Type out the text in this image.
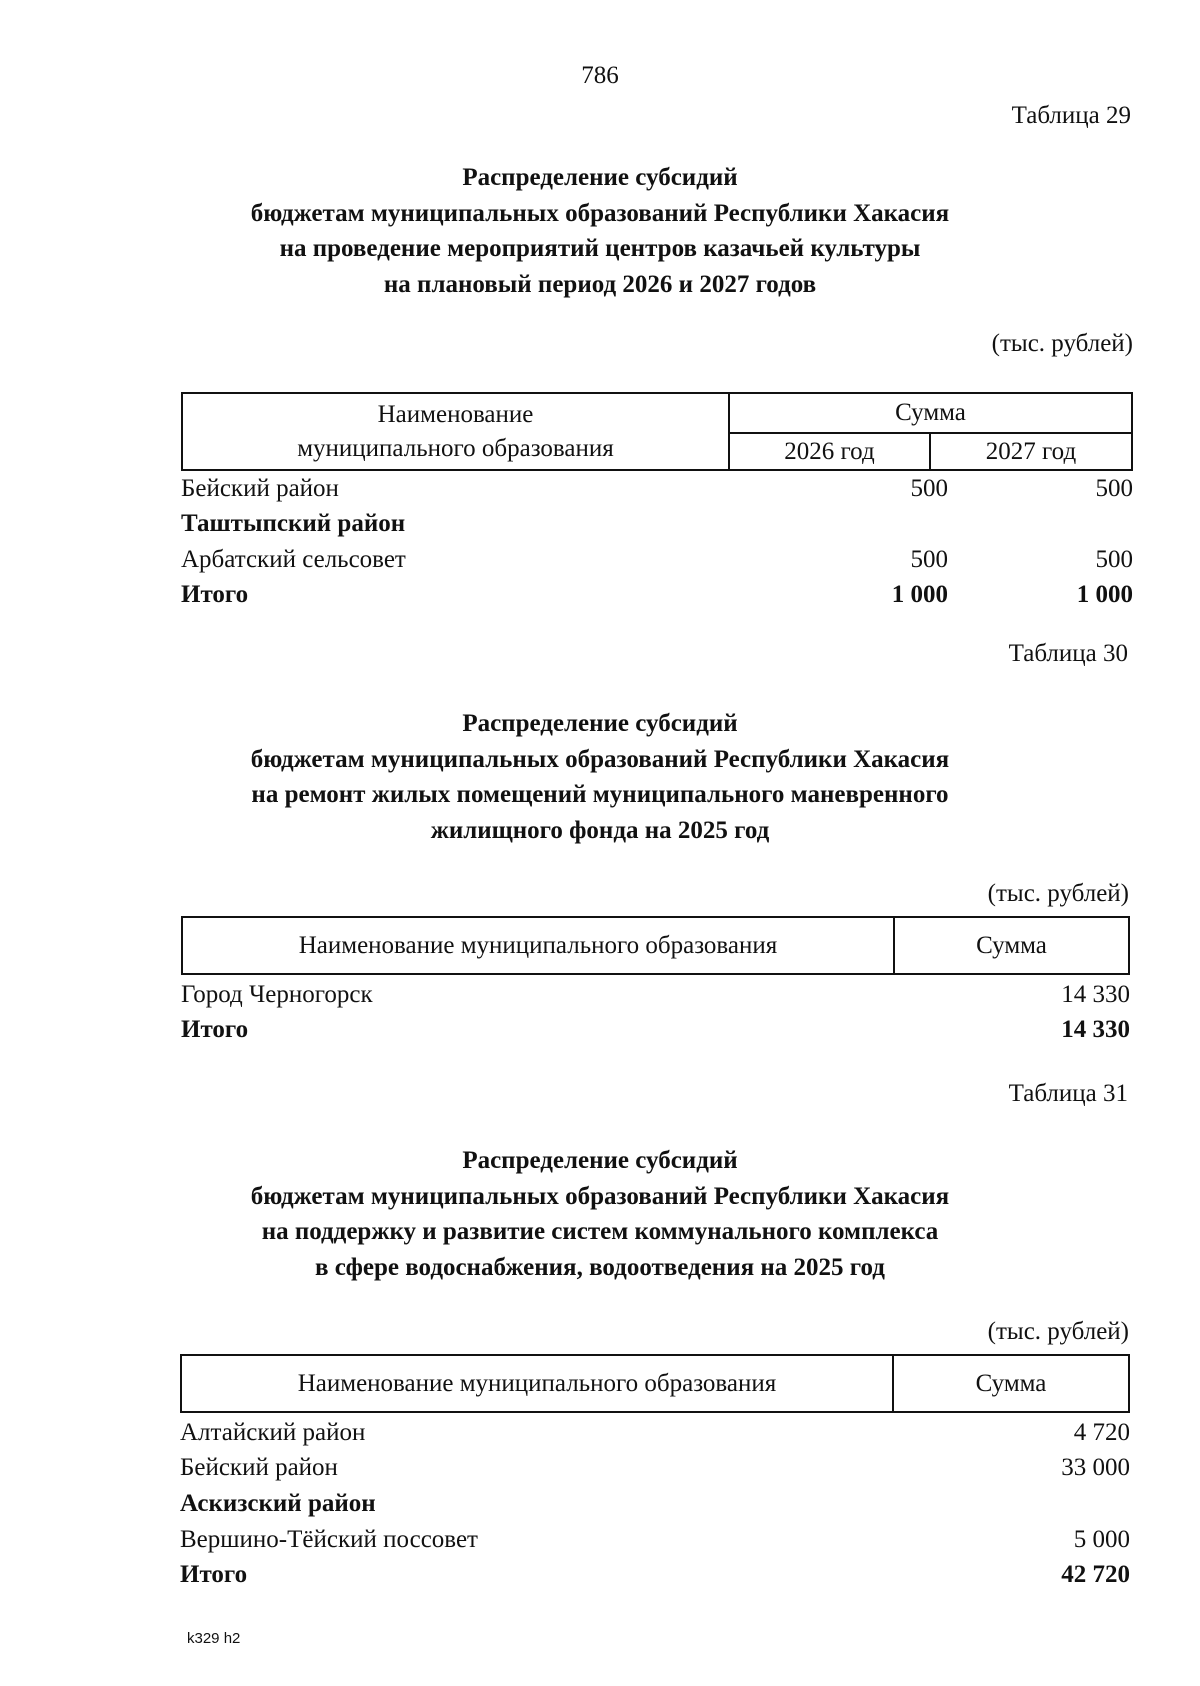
786
Таблица 29
Распределение субсидий
бюджетам муниципальных образований Республики Хакасия
на проведение мероприятий центров казачьей культуры
на плановый период 2026 и 2027 годов
(тыс. рублей)
Наименование
муниципального образования
Сумма
2026 год	2027 год
Бейский район	500	500
Таштыпский район
Арбатский сельсовет	500	500
Итого	1 000	1 000
Таблица 30
Распределение субсидий
бюджетам муниципальных образований Республики Хакасия
на ремонт жилых помещений муниципального маневренного
жилищного фонда на 2025 год
(тыс. рублей)
Наименование муниципального образования	Сумма
Город Черногорск	14 330
Итого	14 330
Таблица 31
Распределение субсидий
бюджетам муниципальных образований Республики Хакасия
на поддержку и развитие систем коммунального комплекса
в сфере водоснабжения, водоотведения на 2025 год
(тыс. рублей)
Наименование муниципального образования	Сумма
Алтайский район	4 720
Бейский район	33 000
Аскизский район
Вершино-Тёйский поссовет	5 000
Итого	42 720
k329 h2
